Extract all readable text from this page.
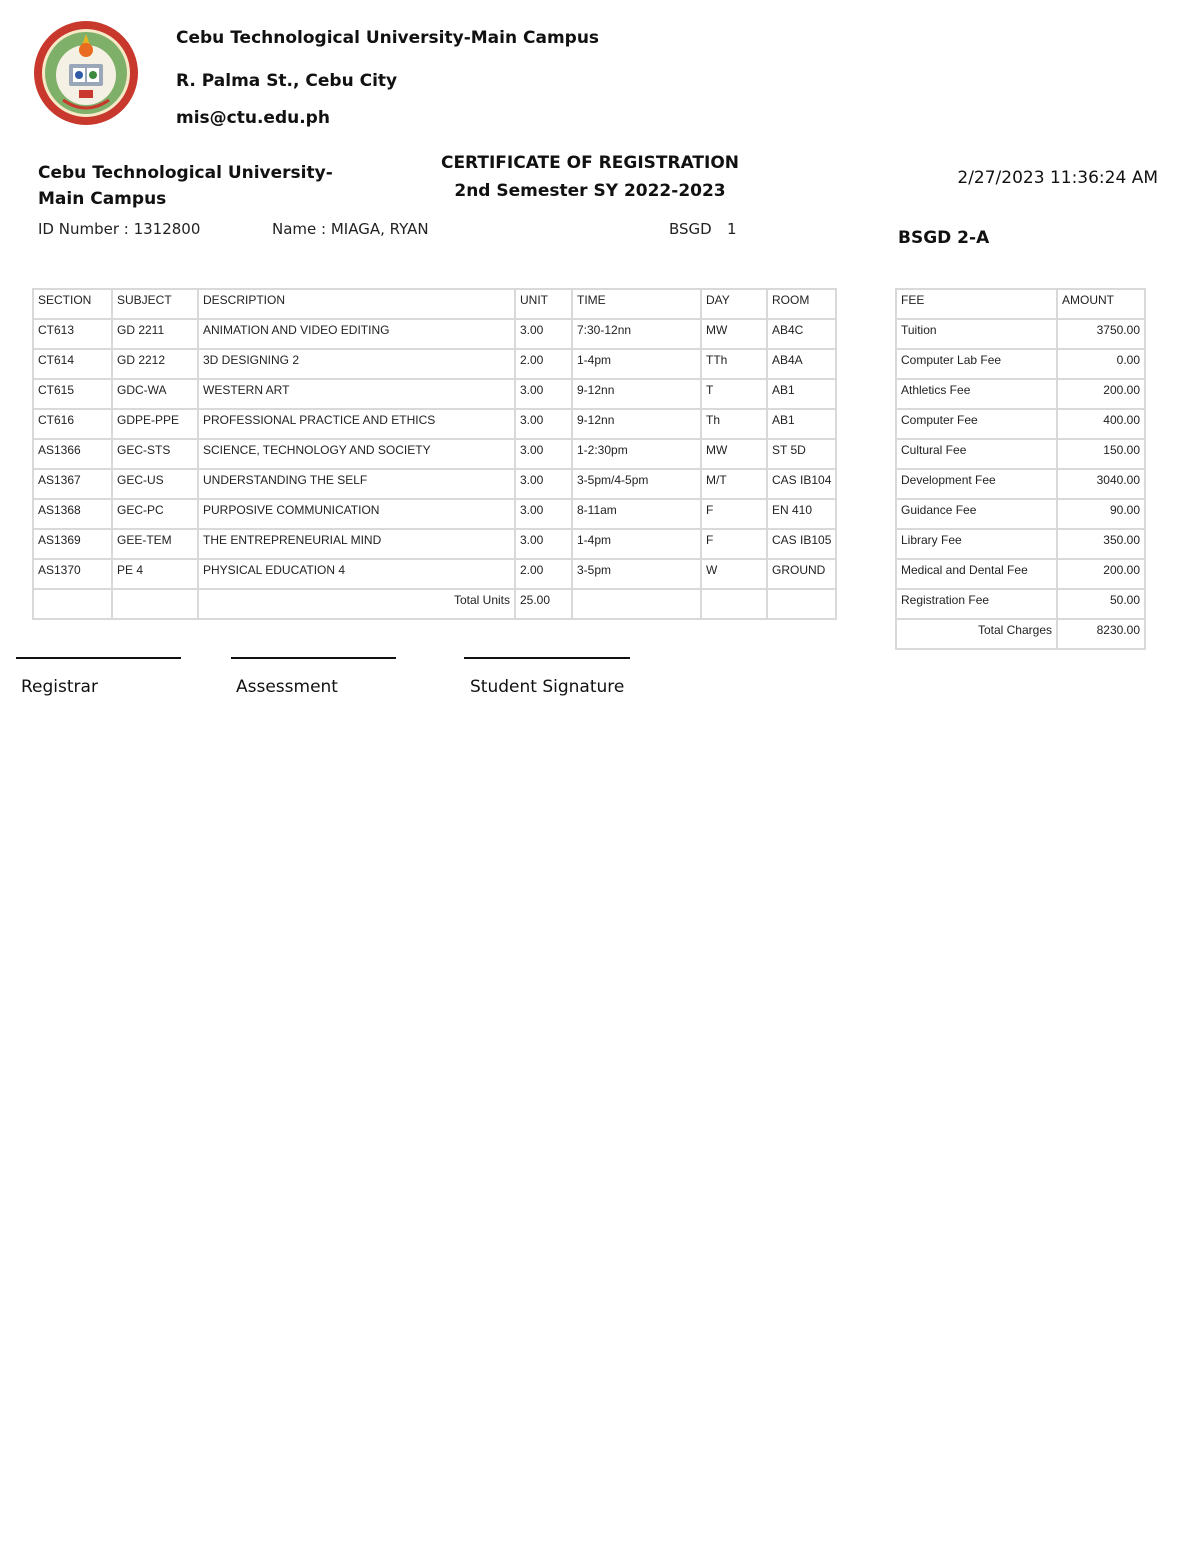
Cebu Technological University-Main Campus
R. Palma St., Cebu City
mis@ctu.edu.ph
Cebu Technological University-Main Campus
CERTIFICATE OF REGISTRATION
2nd Semester SY 2022-2023
2/27/2023 11:36:24 AM
ID Number : 1312800	Name : MIAGA, RYAN	BSGD 1	BSGD 2-A
SECTION	SUBJECT	DESCRIPTION	UNIT	TIME	DAY	ROOM
CT613	GD 2211	ANIMATION AND VIDEO EDITING	3.00	7:30-12nn	MW	AB4C
CT614	GD 2212	3D DESIGNING 2	2.00	1-4pm	TTh	AB4A
CT615	GDC-WA	WESTERN ART	3.00	9-12nn	T	AB1
CT616	GDPE-PPE	PROFESSIONAL PRACTICE AND ETHICS	3.00	9-12nn	Th	AB1
AS1366	GEC-STS	SCIENCE, TECHNOLOGY AND SOCIETY	3.00	1-2:30pm	MW	ST 5D
AS1367	GEC-US	UNDERSTANDING THE SELF	3.00	3-5pm/4-5pm	M/T	CAS IB104
AS1368	GEC-PC	PURPOSIVE COMMUNICATION	3.00	8-11am	F	EN 410
AS1369	GEE-TEM	THE ENTREPRENEURIAL MIND	3.00	1-4pm	F	CAS IB105
AS1370	PE 4	PHYSICAL EDUCATION 4	2.00	3-5pm	W	GROUND
		Total Units	25.00			
FEE	AMOUNT
Tuition	3750.00
Computer Lab Fee	0.00
Athletics Fee	200.00
Computer Fee	400.00
Cultural Fee	150.00
Development Fee	3040.00
Guidance Fee	90.00
Library Fee	350.00
Medical and Dental Fee	200.00
Registration Fee	50.00
Total Charges	8230.00
Registrar	Assessment	Student Signature
